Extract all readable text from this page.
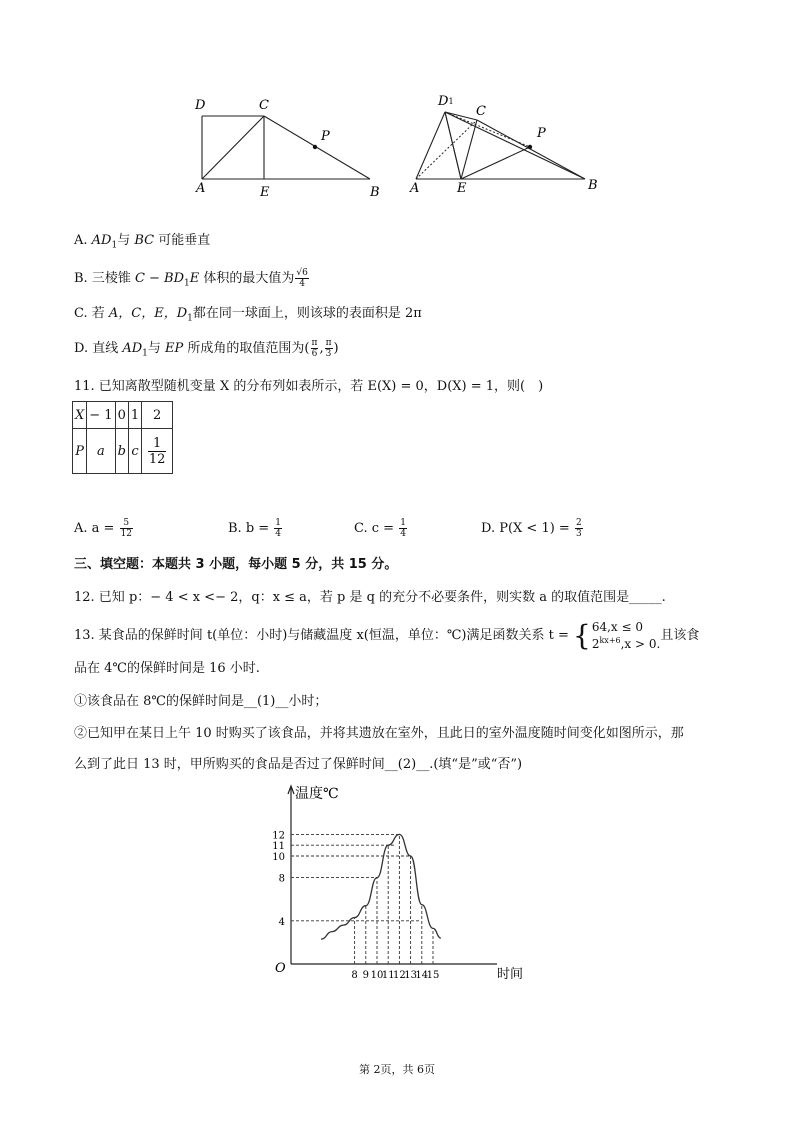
D	C
P
A	E	B
D1
C
P
A	E	B
A. $AD_1$与 BC 可能垂直
B. 三棱锥 $C - BD_1E$ 体积的最大值为 $\frac{√6}{4}$
C. 若 A，C，E，$D_1$都在同一球面上，则该球的表面积是 2π
D. 直线 $AD_1$与 EP 所成角的取值范围为( $\frac{\pi}{6}$ , $\frac{\pi}{3}$ )
11. 已知离散型随机变量 X 的分布列如表所示，若 E(X) = 0，D(X) = 1，则(　)
X	− 1	0	1	2
P	a	b	c	$\frac{1}{12}$
A. $a = \frac{5}{12}$	B. $b = \frac{1}{4}$	C. $c = \frac{1}{4}$	D. $P(X < 1) = \frac{2}{3}$
三、填空题：本题共 3 小题，每小题 5 分，共 15 分。
12. 已知 p：− 4 < x <− 2，q：x ≤ a，若 p 是 q 的充分不必要条件，则实数 a 的取值范围是_____.
13. 某食品的保鲜时间 t(单位：小时)与储藏温度 x(恒温，单位：℃)满足函数关系 t = { 64,x ≤ 0
$2^{kx+6},x > 0$.
且该食
品在 4℃的保鲜时间是 16 小时.
①该食品在 8℃的保鲜时间是__(1)__小时；
②已知甲在某日上午 10 时购买了该食品，并将其遗放在室外，且此日的室外温度随时间变化如图所示，那
么到了此日 13 时，甲所购买的食品是否过了保鲜时间__(2)__.(填“是”或“否”)
4
8
10
11
12
8 9 10
11
12
13
14
15
温度℃
时间
O
第 2页，共 6页
